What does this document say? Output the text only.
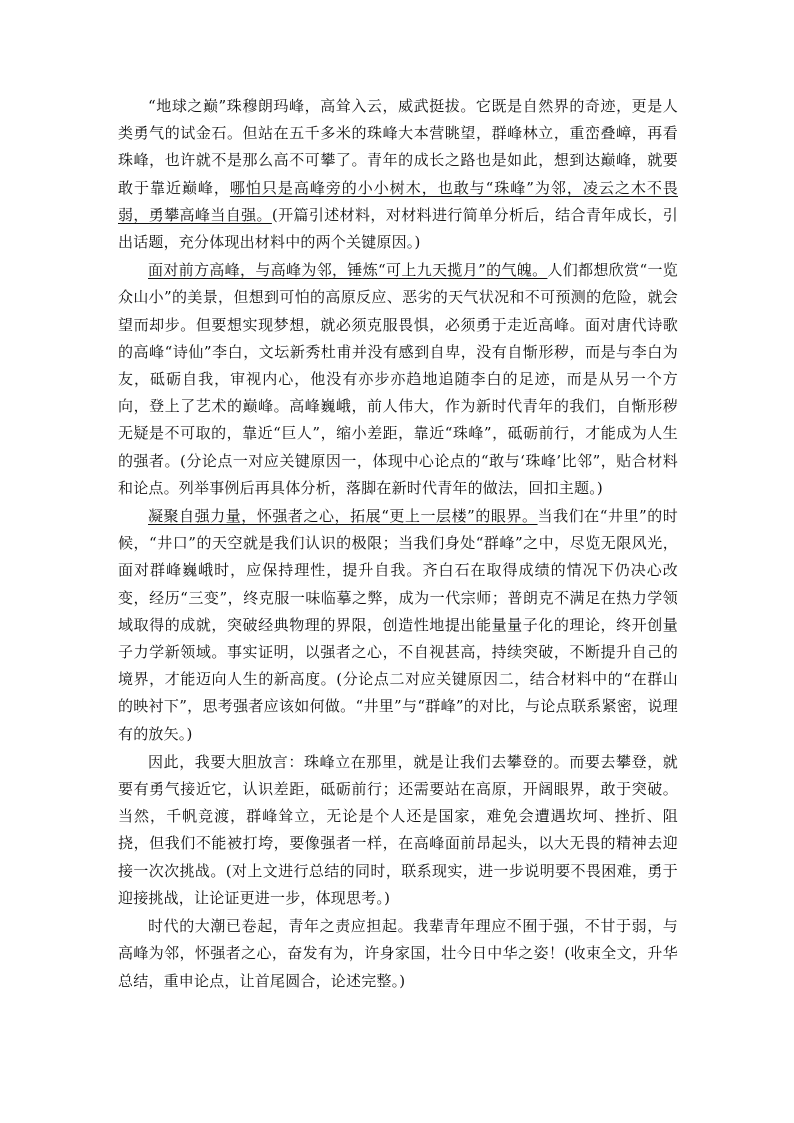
“地球之巅”珠穆朗玛峰，高耸入云，威武挺拔。它既是自然界的奇迹，更是人类勇气的试金石。但站在五千多米的珠峰大本营眺望，群峰林立，重峦叠嶂，再看珠峰，也许就不是那么高不可攀了。青年的成长之路也是如此，想到达巅峰，就要敢于靠近巅峰，哪怕只是高峰旁的小小树木，也敢与“珠峰”为邻，凌云之木不畏弱，勇攀高峰当自强。(开篇引述材料，对材料进行简单分析后，结合青年成长，引出话题，充分体现出材料中的两个关键原因。)

面对前方高峰，与高峰为邻，锤炼“可上九天揽月”的气魄。人们都想欣赏“一览众山小”的美景，但想到可怕的高原反应、恶劣的天气状况和不可预测的危险，就会望而却步。但要想实现梦想，就必须克服畏惧，必须勇于走近高峰。面对唐代诗歌的高峰“诗仙”李白，文坛新秀杜甫并没有感到自卑，没有自惭形秽，而是与李白为友，砥砺自我，审视内心，他没有亦步亦趋地追随李白的足迹，而是从另一个方向，登上了艺术的巅峰。高峰巍峨，前人伟大，作为新时代青年的我们，自惭形秽无疑是不可取的，靠近“巨人”，缩小差距，靠近“珠峰”，砥砺前行，才能成为人生的强者。(分论点一对应关键原因一，体现中心论点的“敢与‘珠峰’比邻”，贴合材料和论点。列举事例后再具体分析，落脚在新时代青年的做法，回扣主题。)

凝聚自强力量，怀强者之心，拓展“更上一层楼”的眼界。当我们在“井里”的时候，“井口”的天空就是我们认识的极限；当我们身处“群峰”之中，尽览无限风光，面对群峰巍峨时，应保持理性，提升自我。齐白石在取得成绩的情况下仍决心改变，经历“三变”，终克服一味临摹之弊，成为一代宗师；普朗克不满足在热力学领域取得的成就，突破经典物理的界限，创造性地提出能量量子化的理论，终开创量子力学新领域。事实证明，以强者之心，不自视甚高，持续突破，不断提升自己的境界，才能迈向人生的新高度。(分论点二对应关键原因二，结合材料中的“在群山的映衬下”，思考强者应该如何做。“井里”与“群峰”的对比，与论点联系紧密，说理有的放矢。)

因此，我要大胆放言：珠峰立在那里，就是让我们去攀登的。而要去攀登，就要有勇气接近它，认识差距，砥砺前行；还需要站在高原，开阔眼界，敢于突破。当然，千帆竞渡，群峰耸立，无论是个人还是国家，难免会遭遇坎坷、挫折、阻挠，但我们不能被打垮，要像强者一样，在高峰面前昂起头，以大无畏的精神去迎接一次次挑战。(对上文进行总结的同时，联系现实，进一步说明要不畏困难，勇于迎接挑战，让论证更进一步，体现思考。)

时代的大潮已卷起，青年之责应担起。我辈青年理应不囿于强，不甘于弱，与高峰为邻，怀强者之心，奋发有为，许身家国，壮今日中华之姿！(收束全文，升华总结，重申论点，让首尾圆合，论述完整。)
